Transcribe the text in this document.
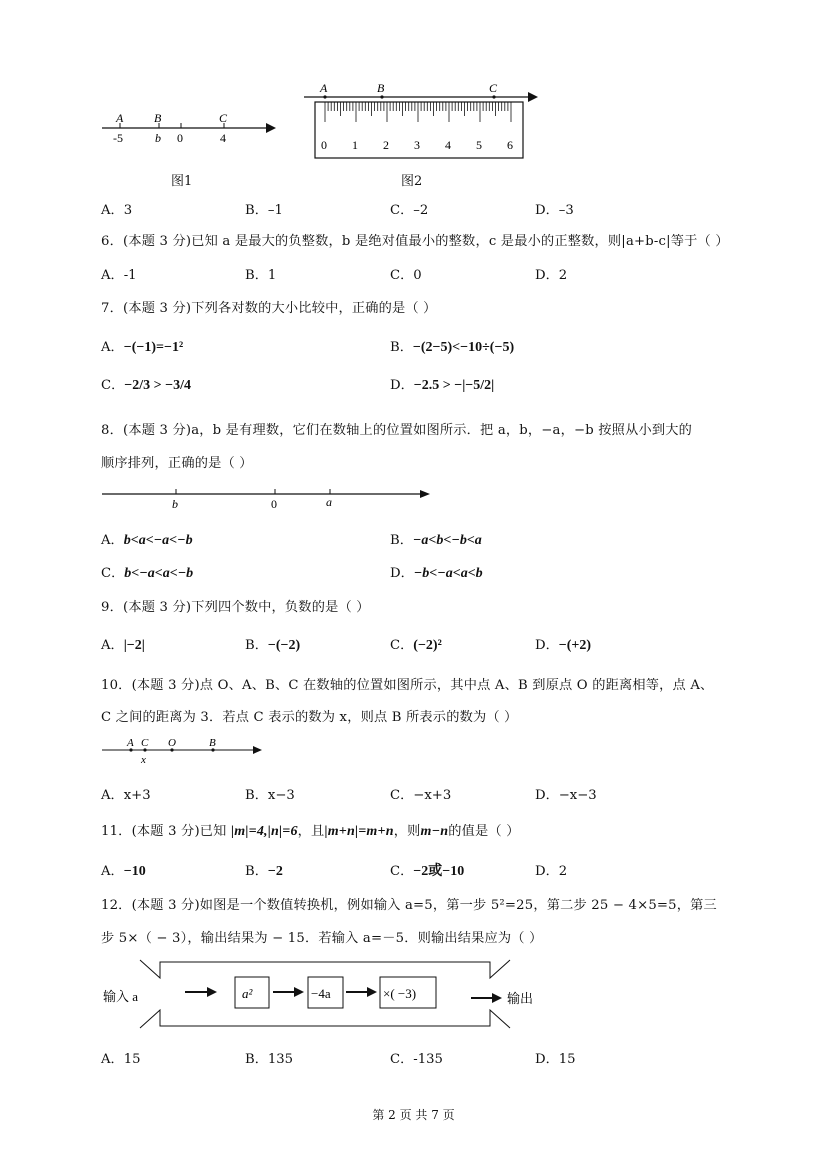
A	B	C
-5	b 0	4
图1
A	B	C
0 1 2 3 4 5 6
图2
A．3	B．–1	C．–2	D．–3
6．(本题 3 分)已知 a 是最大的负整数，b 是绝对值最小的整数，c 是最小的正整数，则|a+b-c|等于（ ）
A．-1	B．1	C．0	D．2
7．(本题 3 分)下列各对数的大小比较中，正确的是（ ）
A．−(−1)=−1²	B．−(2−5)<−10÷(−5)
C．−2/3 > −3/4	D．−2.5 > −|−5/2|
8．(本题 3 分)a，b 是有理数，它们在数轴上的位置如图所示．把 a，b，−a，−b 按照从小到大的
顺序排列，正确的是（ ）
b	0	a
A．b<a<−a<−b	B．−a<b<−b<a
C．b<−a<a<−b	D．−b<−a<a<b
9．(本题 3 分)下列四个数中，负数的是（ ）
A．|−2|	B．−(−2)	C．(−2)²	D．−(+2)
10．(本题 3 分)点 O、A、B、C 在数轴的位置如图所示，其中点 A、B 到原点 O 的距离相等，点 A、
C 之间的距离为 3．若点 C 表示的数为 x，则点 B 所表示的数为（ ）
A C O	B
x
A．x+3	B．x−3	C．−x+3	D．−x−3
11．(本题 3 分)已知 |m|=4,|n|=6，且|m+n|=m+n，则m−n的值是（ ）
A．−10	B．−2	C．−2或−10	D．2
12．(本题 3 分)如图是一个数值转换机，例如输入 a=5，第一步 5²=25，第二步 25 − 4×5=5，第三
步 5×（ − 3），输出结果为 − 15．若输入 a=－5．则输出结果应为（ ）
输入 a	a²	−4a	×( −3)	输出
A．15	B．135	C．-135	D．15
第 2 页 共 7 页
